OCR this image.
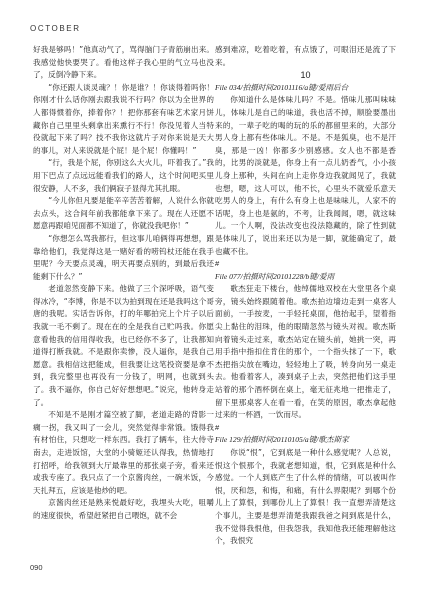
OCTOBER

好我是够吗！”他真动气了，骂得脑门子青筋崩出来。我感觉他快要哭了。看他这样子我心里的气立马也没了，反倒冷静下来。

“你还跟人谈灵魂？！你是谁？！你谈得着吗你！你刚才什么话你刚去跟我说不行吗？你以为全世界的人都得惯着你，捧着你？！把你那套有味艺术家月饼藏你自己里里头剩拿出来熏行不行！你没见着人当特役就起下来了吗？技不我你这就片子对你来说是天大的事儿，对人来说就是个屁！是个屁！你懂吗！”

“行，我是个屁，你别这么大火儿，吓着我了。”我用下巴点了点远远能看我们的路人，这个时间吧买里很安静，人不多，我们俩寂子显得尤其扎眼。

“今儿你但凡要是能辛辛苦苦着解，人说什么你就去点头，这合间年前我都能拿下来了。现在人还愿不愿意再跟咱见面都不知道了，你就没我吧你！”

“你想怎么骂我都行，但这事儿咱俩得再想想，跟靠给他们，我觉得这是一赌好看的唠钨杖还能在我手里呢？今天要点灵魂，明天再要点别的，到最后我还能剩下什么？”

老道忽然变静下来。他做了三个深呼吸，语气变得冰冷，“李博，你是不以为拍到现在还是我吗这个哥唐的我呢。实话告诉你，打的年哪拍完上个片子以后我就一毛不剩了。现在在的全是我自己贮吗我。你愿意看他我的信用得收我，也已经你不多了，让我都知道得打断我就。不是跟你卖惨，没人逼你，是我自己愿意。我相信这把能成，但我要让这笔投资要是拿不到，我完整里也再没有一分钱了，明网，也就到头了。我不逼你，你自己好好想想吧。”说完，他转身走了。

不知是不是刚才篇空被了脚，老道走路的背影一瘸一拐，我又叫了一会儿，突然觉得非常饿。饿得我有材怕住，只想吃一样东西。我打了辆车，往大侍寺南去，走进饭馆，大堂的小骑姬还认得我，热情地打打招呼，给我领到大厅最靠里的那张桌子旁，看来还或我专座了。我只点了一个京酱肉丝，一碗米饭，今天扎拜五，应该是他炒的吧。

京酱肉丝还是熟来悦最好吃，我埋头大吃，咀嚼的速度很快，希望赶紧把自己喂饱，就不会

感到难凉，吃着吃着，有点饿了，可眼泪还是流了下来。

10

File 034/拍摄时间20101116/a键/爱雨后台

你知道什么是体味儿吗？不是。惜味儿那叫味味儿，体味儿是自己的味道，我也活不掉，顺脸要墨出来的，一辈子吃的喝的玩的乐的都留里来的，大部分男人身上都有些体味儿。不是。不是狐臭，也不是汗臭，那是一凶！你都多少别感感。女人也不都是香的，比男的淡就是，你身上有一点儿奶香气，小小孩儿身上那种，头间在向上走你身边我就闻见了，我就也想，嗯，这人可以，他不长，心里头不就爱乐意天吃男人的身上，有什么有身上也是味味儿，人家不的话呢，身上也是氨的，不考，让我闻闻，嗯，就这味儿。一个人啊，没法改变也没法隐藏的，除了性到就是体味儿了，说出来还以为是一脚，就能确定了，最也藏不住。

#

File 077/拍摄时间20101228/b键/爱雨

歌杰狂走下楼台，他绰儒地双校在大堂里各个桌旁，镜头始终跟随着他。歌杰拍边墙边走到一桌客人面前，一手按麦，一手轻托桌面，他抬起手，望着指尖上黏住的泪珠，他的眼睛忽然与镜头对视。歌杰斯向着镜头走过来，歌杰站定在镜头前，她挑一突，再用手指中指扣住肯住的那个，一个指头抹了一下，歌杰把指尖放在嘴边，轻轻地上了吸，转身向另一桌走去。他看着客人，凑到桌子上去，突然把他们这手里站着的那个酒杯倒在桌上，毫无征兆地一把推走了，留下里那桌客人在看一看，在笑的原因，歌杰拿起他过来的一杯酒，一饮而尽。

#

File 129/拍摄时间20110105/a键/歌杰斯家

你说“恨”，它到底是一种什么感觉呢？人总说，恨这个恨那个，我就老想知道，恨，它到底是种什么感觉。一个人到底产生了什么样的情绪，可以被叫作恨，厌和怨，和悔，和痛，有什么界限呢？到哪个份儿上了算恨，到哪份儿上了算恨！我一直想弄清楚这个事儿，主要是想弄清楚我跟我爸之间到底是什么，我不觉得我恨他，但我怨我，我知他我还能理解他这个，我恨究

090
